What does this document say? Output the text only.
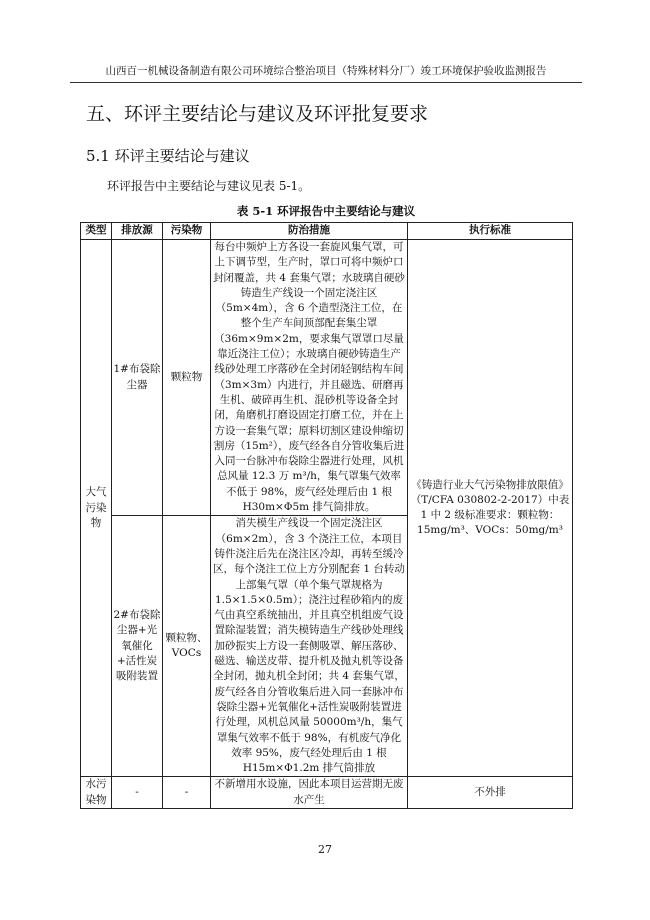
山西百一机械设备制造有限公司环境综合整治项目（特殊材料分厂）竣工环境保护验收监测报告
五、环评主要结论与建议及环评批复要求
5.1 环评主要结论与建议
环评报告中主要结论与建议见表 5-1。
表 5-1 环评报告中主要结论与建议
类型	排放源	污染物	防治措施	执行标准
大气污染物	1#布袋除尘器	颗粒物	每台中频炉上方各设一套旋风集气罩，可上下调节型，生产时，罩口可将中频炉口封闭覆盖，共 4 套集气罩；水玻璃自硬砂铸造生产线设一个固定浇注区（5m×4m），含 6 个造型浇注工位，在整个生产车间顶部配套集尘罩（36m×9m×2m，要求集气罩罩口尽量靠近浇注工位）；水玻璃自硬砂铸造生产线砂处理工序落砂在全封闭轻钢结构车间（3m×3m）内进行，并且磁选、研磨再生机、破碎再生机、混砂机等设备全封闭，角磨机打磨设固定打磨工位，并在上方设一套集气罩；原料切割区建设伸缩切割房（15m²），废气经各自分管收集后进入同一台脉冲布袋除尘器进行处理，风机总风量 12.3 万 m³/h，集气罩集气效率不低于 98%，废气经处理后由 1 根 H30m×Φ5m 排气筒排放。	《铸造行业大气污染物排放限值》（T/CFA 030802-2-2017）中表 1 中 2 级标准要求：颗粒物：15mg/m³、VOCs：50mg/m³
	2#布袋除尘器+光氧催化+活性炭吸附装置	颗粒物、VOCs	消失模生产线设一个固定浇注区（6m×2m），含 3 个浇注工位，本项目铸件浇注后先在浇注区冷却，再转至缓冷区，每个浇注工位上方分别配套 1 台转动上部集气罩（单个集气罩规格为 1.5×1.5×0.5m）；浇注过程砂箱内的废气由真空系统抽出，并且真空机组废气设置除湿装置；消失模铸造生产线砂处理线加砂振实上方设一套侧吸罩、解压落砂、磁选、输送皮带、提升机及抛丸机等设备全封闭，抛丸机全封闭；共 4 套集气罩，废气经各自分管收集后进入同一套脉冲布袋除尘器+光氧催化+活性炭吸附装置进行处理，风机总风量 50000m³/h，集气罩集气效率不低于 98%，有机废气净化效率 95%，废气经处理后由 1 根 H15m×Φ1.2m 排气筒排放	
水污染物	-	-	不新增用水设施，因此本项目运营期无废水产生	不外排
27
